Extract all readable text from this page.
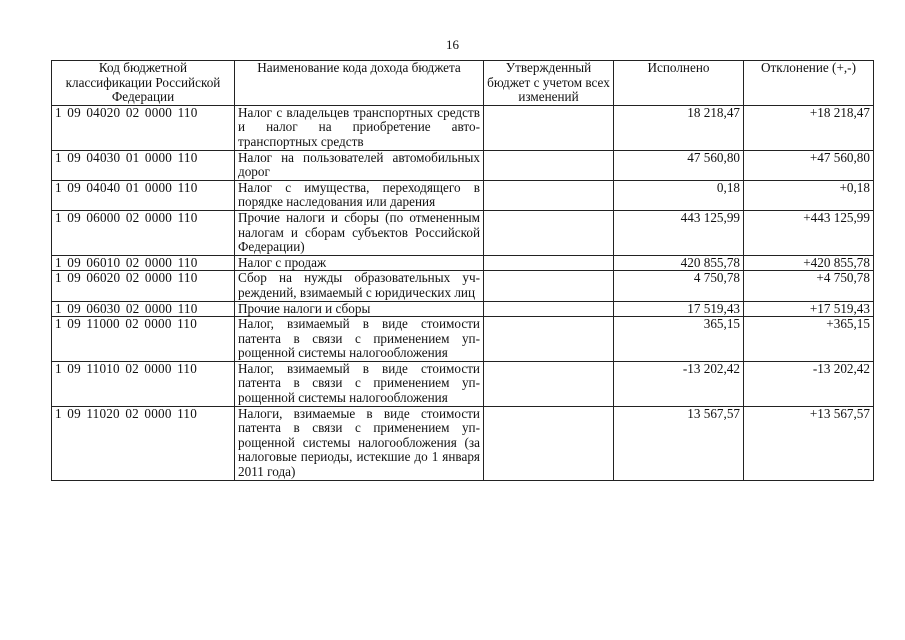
16
Код бюджетной классификации Российской Федерации	Наименование кода дохода бюджета	Утвержденный бюджет с учетом всех изменений	Исполнено	Отклонение (+,-)
1 09 04020 02 0000 110	Налог с владельцев транспортных средств и налог на приобретение автотранспортных средств		18 218,47	+18 218,47
1 09 04030 01 0000 110	Налог на пользователей автомобильных дорог		47 560,80	+47 560,80
1 09 04040 01 0000 110	Налог с имущества, переходящего в порядке наследования или дарения		0,18	+0,18
1 09 06000 02 0000 110	Прочие налоги и сборы (по отмененным налогам и сборам субъектов Российской Федерации)		443 125,99	+443 125,99
1 09 06010 02 0000 110	Налог с продаж		420 855,78	+420 855,78
1 09 06020 02 0000 110	Сбор на нужды образовательных учреждений, взимаемый с юридических лиц		4 750,78	+4 750,78
1 09 06030 02 0000 110	Прочие налоги и сборы		17 519,43	+17 519,43
1 09 11000 02 0000 110	Налог, взимаемый в виде стоимости патента в связи с применением упрощенной системы налогообложения		365,15	+365,15
1 09 11010 02 0000 110	Налог, взимаемый в виде стоимости патента в связи с применением упрощенной системы налогообложения		-13 202,42	-13 202,42
1 09 11020 02 0000 110	Налоги, взимаемые в виде стоимости патента в связи с применением упрощенной системы налогообложения (за налоговые периоды, истекшие до 1 января 2011 года)		13 567,57	+13 567,57
